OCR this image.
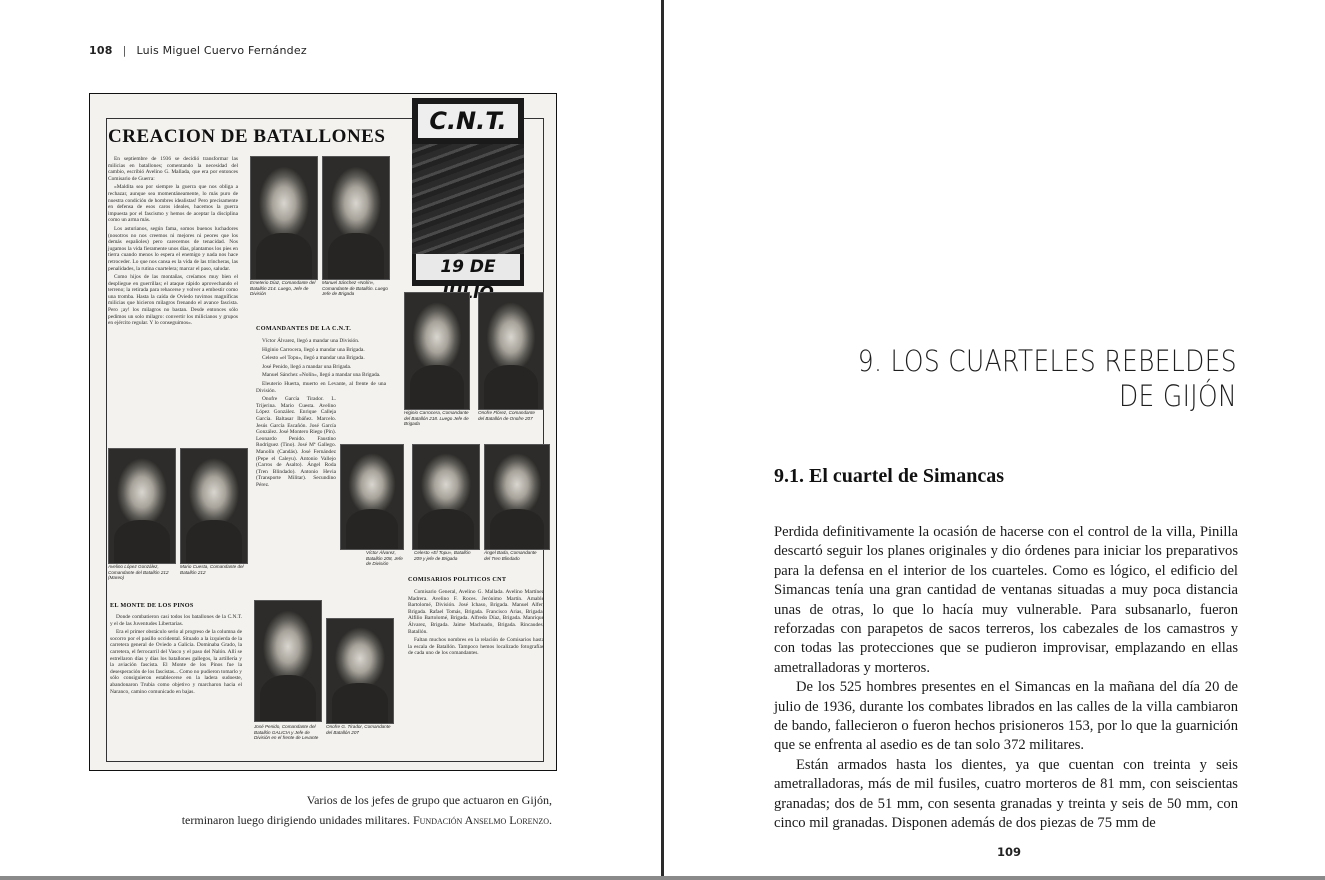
108 | Luis Miguel Cuervo Fernández
CREACION DE BATALLONES
C.N.T.
19 DE

En septiembre de 1936 se decidió transformar las milicias en batallones; comentando la necesidad del cambio, escribió Avelino G. Mallada, que era por entonces Comisario de Guerra:

«Maldita sea por siempre la guerra que nos obliga a rechazar, aunque sea momentáneamente, lo más puro de nuestra condición de hombres idealistas! Pero precisamente en defensa de esos caros ideales, hacemos la guerra impuesta por el fascismo y hemos de aceptar la disciplina como un arma más.

Los asturianos, según fama, somos buenos luchadores (nosotros no nos creemos ni mejores ni peores que los demás españoles) pero carecemos de tenacidad. Nos jugamos la vida fieramente unos días, plantamos los pies en tierra cuando menos lo espera el enemigo y nada nos hace retroceder. Lo que nos cansa es la vida de las trincheras, las penalidades, la rutina cuartelera; marcar el paso, saludar.

Como hijos de las montañas, creíamos muy bien el despliegue en guerrillas; el ataque rápido aprovechando el terreno; la retirada para rehacerse y volver a embestir como una tromba. Hasta la caída de Oviedo tuvimos magníficas milicias que hicieron milagros frenando el avance fascista. Pero ¡ay! los milagros no bastan. Desde entonces sólo pedimos un solo milagro: convertir los milicianos y grupos en ejército regular. Y lo conseguimos».

Emeterio Díaz, Comandante del Batallón 214. Luego, Jefe de División
Manuel Sánchez «Nolín», Comandante de Batallón. Luego Jefe de Brigada
COMANDANTES DE LA C.N.T.

Víctor Álvarez, llegó a mandar una División.

Higinio Carrocera, llegó a mandar una Brigada.

Celesto «el Topu», llegó a mandar una Brigada.

José Penido, llegó a mandar una Brigada.

Manuel Sánchez «Nolín», llegó a mandar una Brigada.

Eleuterio Huerta, muerto en Levante, al frente de una División.

Onofre García Tirador. L. Trijerina. Mario Cuesta. Avelino López González. Enrique Calleja García. Baltasar Ibáñez. Marcelo. Jesús García Escañón. José García González. José Montero Riego (Pin). Leonardo Penido. Faustino Rodríguez (Tino). José Mª Gallego. Manolín (Candás). José Fernández (Pepe el Caleyu). Antonio Vallejo (Carros de Asalto). Ángel Roda (Tren Blindado). Antonio Hevia (Transporte Militar). Secundino Pérez.

Higinio Carrocera, Comandante del Batallón 218. Luego Jefe de Brigada
Onofre Flórez, Comandante del Batallón de Onofre 207
Avelino López González, Comandante del Batallón 212 (Mareo)
Mario Cuesta, Comandante del Batallón 212
Víctor Álvarez, Batallón 208, Jefe de División
Celesto «El Topu», Batallón 209 y jefe de Brigada
Ángel Bada, Comandante del Tren Blindado
EL MONTE DE LOS PINOS

Donde combatieron casi todos los batallones de la C.N.T. y el de las Juventudes Libertarias.

Era el primer obstáculo serio al progreso de la columna de socorro por el pasillo occidental. Situado a la izquierda de la carretera general de Oviedo a Galicia. Dominaba Grado, la carretera, el ferrocarril del Vasco y el paso del Nalón. Allí se estrellaron días y días los batallones gallegos, la artillería y la aviación fascista. El Monte de los Pinos fue la desesperación de los fascistas... Como no pudieron tomarlo y sólo consiguieron establecerse en la ladera sudoeste, abandonaron Trubia como objetivo y marcharon hacia el Naranco, camino comunicado en bajas.

José Penido, Comandante del Batallón GALICIA y Jefe de División en el frente de Levante
Onofre G. Tirador, Comandante del Batallón 207
COMISARIOS POLITICOS CNT

Comisario General, Avelino G. Mallada. Avelino Martínez Madrera. Avelino F. Roces. Jerónimo Martín. Amable Bartolomé, División. José Ichaso, Brigada. Manuel Alfer, Brigada. Rafael Tomás, Brigada. Francisco Arias, Brigada. Alfilio Bartolomé, Brigada. Alfredo Díaz, Brigada. Manrique Álvarez, Brigada. Jaime Machuado, Brigada. Rincaudes, Batallón.

Faltan muchos nombres en la relación de Comisarios hasta la escala de Batallón. Tampoco hemos localizado fotografías de cada uno de los comandantes.

Varios de los jefes de grupo que actuaron en Gijón,
terminaron luego dirigiendo unidades militares. Fundación Anselmo Lorenzo.
9. LOS CUARTELES REBELDES
DE GIJÓN
9.1. El cuartel de Simancas

Perdida definitivamente la ocasión de hacerse con el control de la villa, Pinilla descartó seguir los planes originales y dio órdenes para iniciar los preparativos para la defensa en el interior de los cuarteles. Como es lógico, el edificio del Simancas tenía una gran cantidad de ventanas situadas a muy poca distancia unas de otras, lo que lo hacía muy vulnerable. Para subsanarlo, fueron reforzadas con parapetos de sacos terreros, los cabezales de los camastros y con todas las protecciones que se pudieron improvisar, emplazando en ellas ametralladoras y morteros.

De los 525 hombres presentes en el Simancas en la mañana del día 20 de julio de 1936, durante los combates librados en las calles de la villa cambiaron de bando, fallecieron o fueron hechos prisioneros 153, por lo que la guarnición que se enfrenta al asedio es de tan solo 372 militares.

Están armados hasta los dientes, ya que cuentan con treinta y seis ametralladoras, más de mil fusiles, cuatro morteros de 81 mm, con seiscientas granadas; dos de 51 mm, con sesenta granadas y treinta y seis de 50 mm, con cinco mil granadas. Disponen además de dos piezas de 75 mm de

109
